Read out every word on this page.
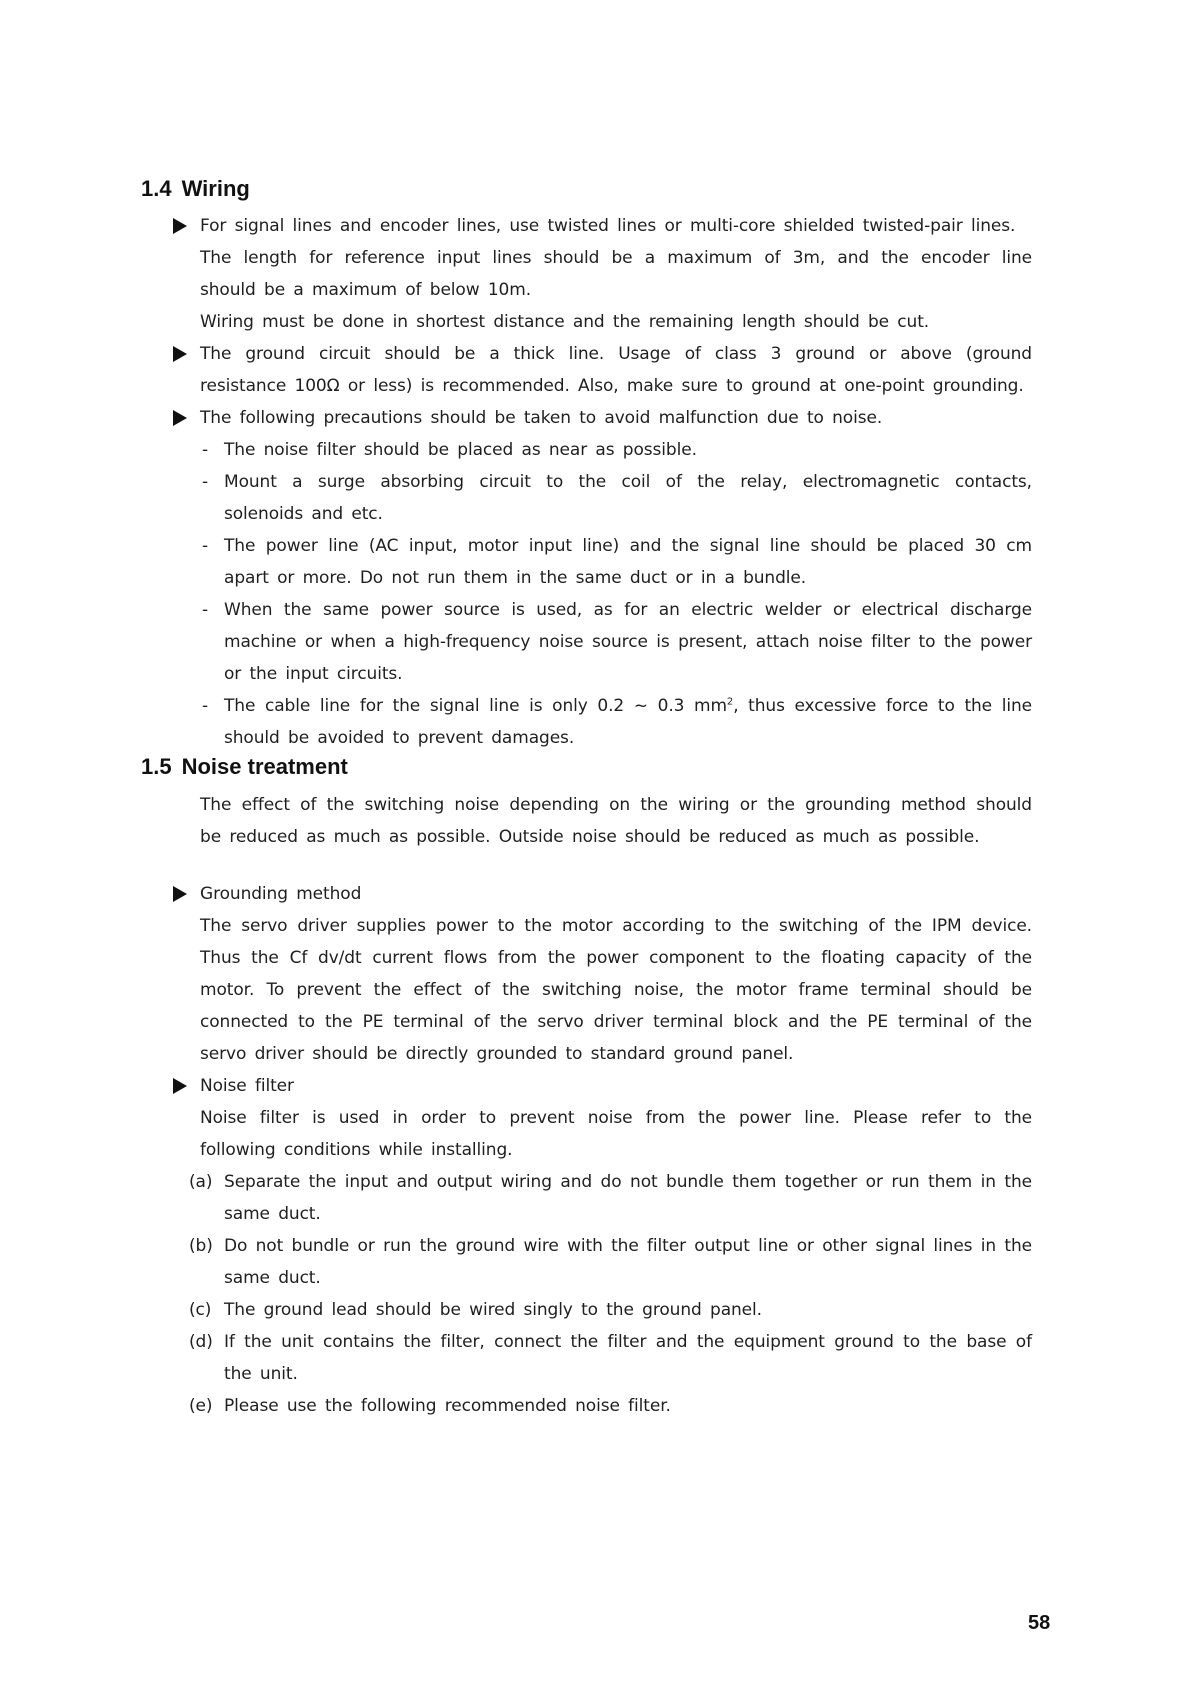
1.4 Wiring
For signal lines and encoder lines, use twisted lines or multi-core shielded twisted-pair lines.
The length for reference input lines should be a maximum of 3m, and the encoder line should be a maximum of below 10m.
Wiring must be done in shortest distance and the remaining length should be cut.
The ground circuit should be a thick line. Usage of class 3 ground or above (ground resistance 100Ω or less) is recommended. Also, make sure to ground at one-point grounding.
The following precautions should be taken to avoid malfunction due to noise.
- The noise filter should be placed as near as possible.
- Mount a surge absorbing circuit to the coil of the relay, electromagnetic contacts, solenoids and etc.
- The power line (AC input, motor input line) and the signal line should be placed 30 cm apart or more. Do not run them in the same duct or in a bundle.
- When the same power source is used, as for an electric welder or electrical discharge machine or when a high-frequency noise source is present, attach noise filter to the power or the input circuits.
- The cable line for the signal line is only 0.2 ~ 0.3 $mm^2$, thus excessive force to the line should be avoided to prevent damages.
1.5 Noise treatment
The effect of the switching noise depending on the wiring or the grounding method should be reduced as much as possible. Outside noise should be reduced as much as possible.
Grounding method
The servo driver supplies power to the motor according to the switching of the IPM device. Thus the Cf dv/dt current flows from the power component to the floating capacity of the motor. To prevent the effect of the switching noise, the motor frame terminal should be connected to the PE terminal of the servo driver terminal block and the PE terminal of the servo driver should be directly grounded to standard ground panel.
Noise filter
Noise filter is used in order to prevent noise from the power line. Please refer to the following conditions while installing.
(a) Separate the input and output wiring and do not bundle them together or run them in the same duct.
(b) Do not bundle or run the ground wire with the filter output line or other signal lines in the same duct.
(c) The ground lead should be wired singly to the ground panel.
(d) If the unit contains the filter, connect the filter and the equipment ground to the base of the unit.
(e) Please use the following recommended noise filter.
58
